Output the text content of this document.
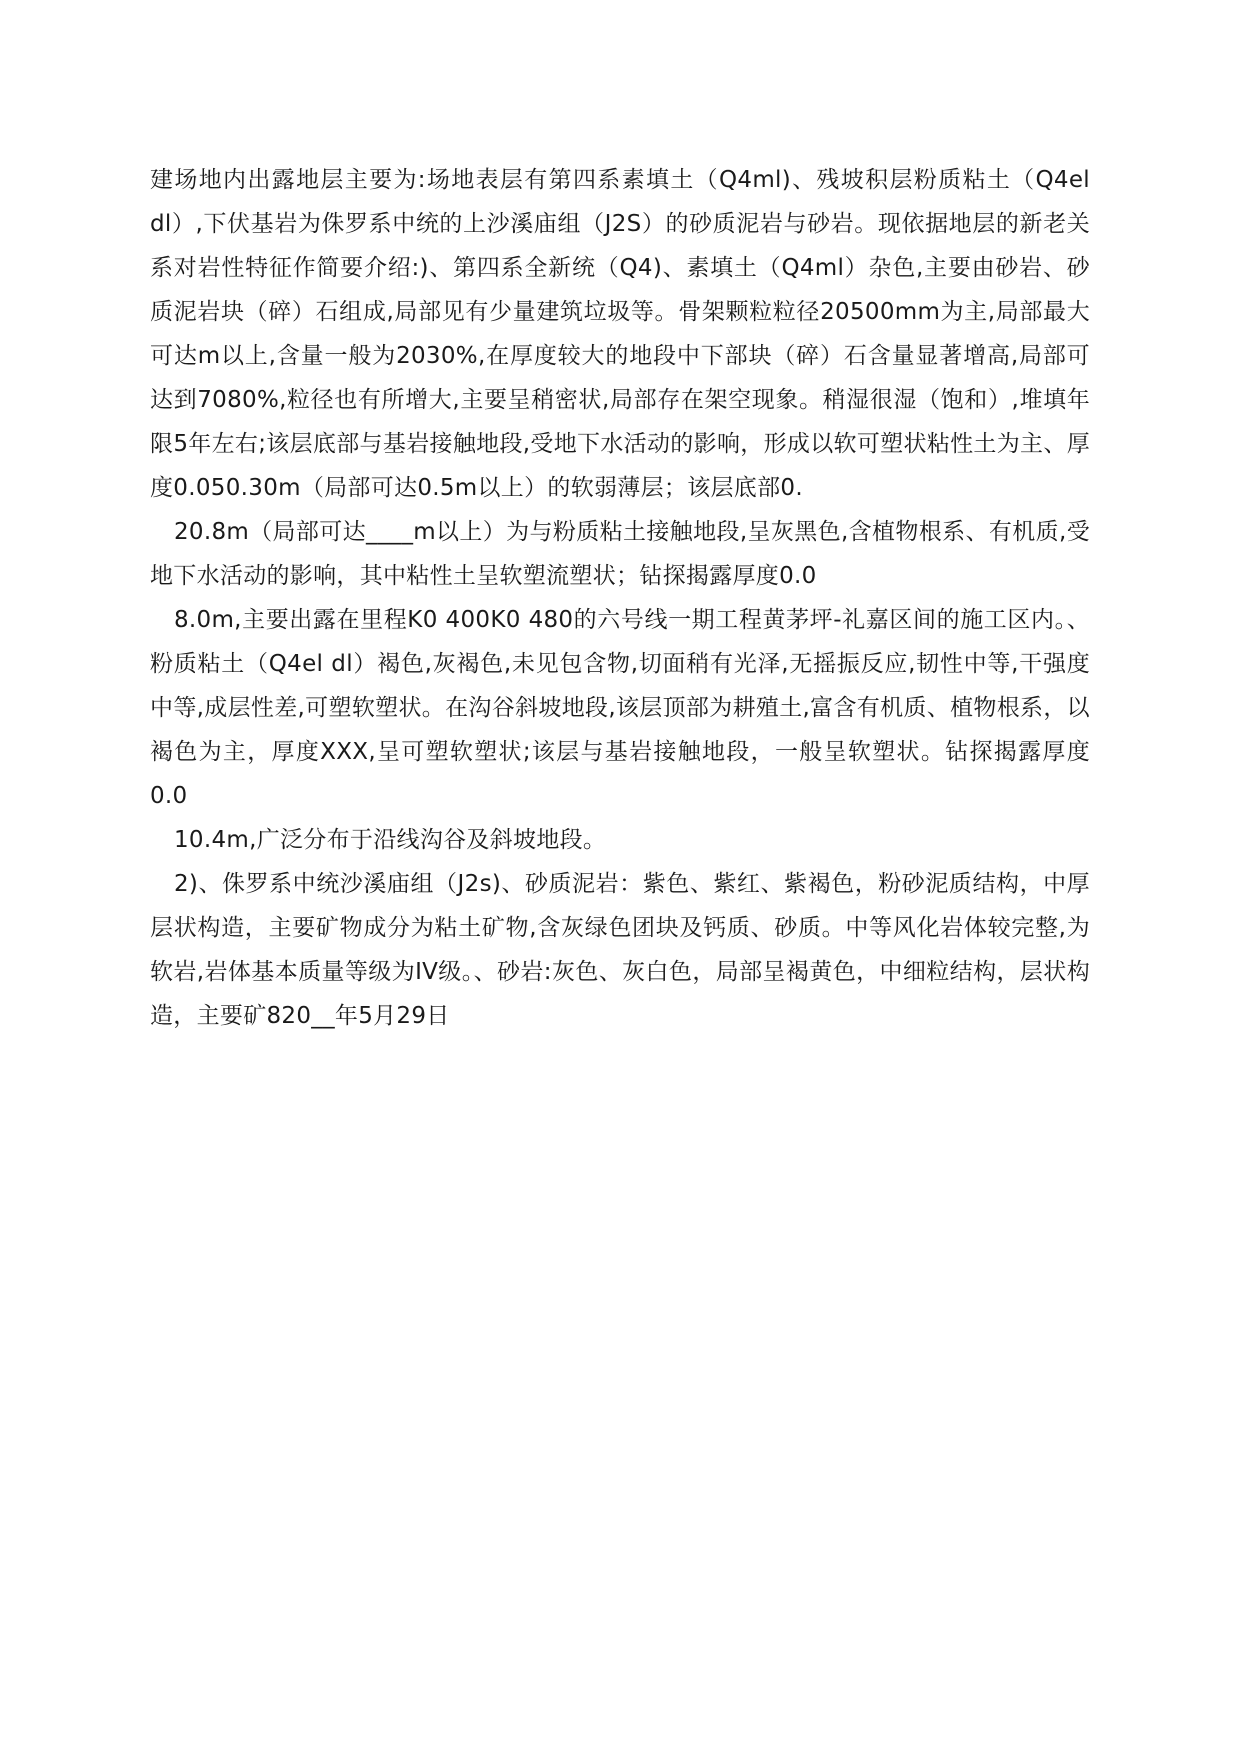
建场地内出露地层主要为:场地表层有第四系素填土（Q4ml)、残坡积层粉质粘土（Q4el dl）,下伏基岩为侏罗系中统的上沙溪庙组（J2S）的砂质泥岩与砂岩。现依据地层的新老关系对岩性特征作简要介绍:)、第四系全新统（Q4)、素填土（Q4ml）杂色,主要由砂岩、砂质泥岩块（碎）石组成,局部见有少量建筑垃圾等。骨架颗粒粒径20500mm为主,局部最大可达m以上,含量一般为2030%,在厚度较大的地段中下部块（碎）石含量显著增高,局部可达到7080%,粒径也有所增大,主要呈稍密状,局部存在架空现象。稍湿很湿（饱和）,堆填年限5年左右;该层底部与基岩接触地段,受地下水活动的影响，形成以软可塑状粘性土为主、厚度0.050.30m（局部可达0.5m以上）的软弱薄层；该层底部0.

20.8m（局部可达____m以上）为与粉质粘土接触地段,呈灰黑色,含植物根系、有机质,受地下水活动的影响，其中粘性土呈软塑流塑状；钻探揭露厚度0.0

8.0m,主要出露在里程K0 400K0 480的六号线一期工程黄茅坪-礼嘉区间的施工区内。、粉质粘土（Q4el dl）褐色,灰褐色,未见包含物,切面稍有光泽,无摇振反应,韧性中等,干强度中等,成层性差,可塑软塑状。在沟谷斜坡地段,该层顶部为耕殖土,富含有机质、植物根系，以褐色为主，厚度XXX,呈可塑软塑状;该层与基岩接触地段，一般呈软塑状。钻探揭露厚度0.0

10.4m,广泛分布于沿线沟谷及斜坡地段。

2)、侏罗系中统沙溪庙组（J2s)、砂质泥岩：紫色、紫红、紫褐色，粉砂泥质结构，中厚层状构造，主要矿物成分为粘土矿物,含灰绿色团块及钙质、砂质。中等风化岩体较完整,为软岩,岩体基本质量等级为IV级。、砂岩:灰色、灰白色，局部呈褐黄色，中细粒结构，层状构造，主要矿820__年5月29日
